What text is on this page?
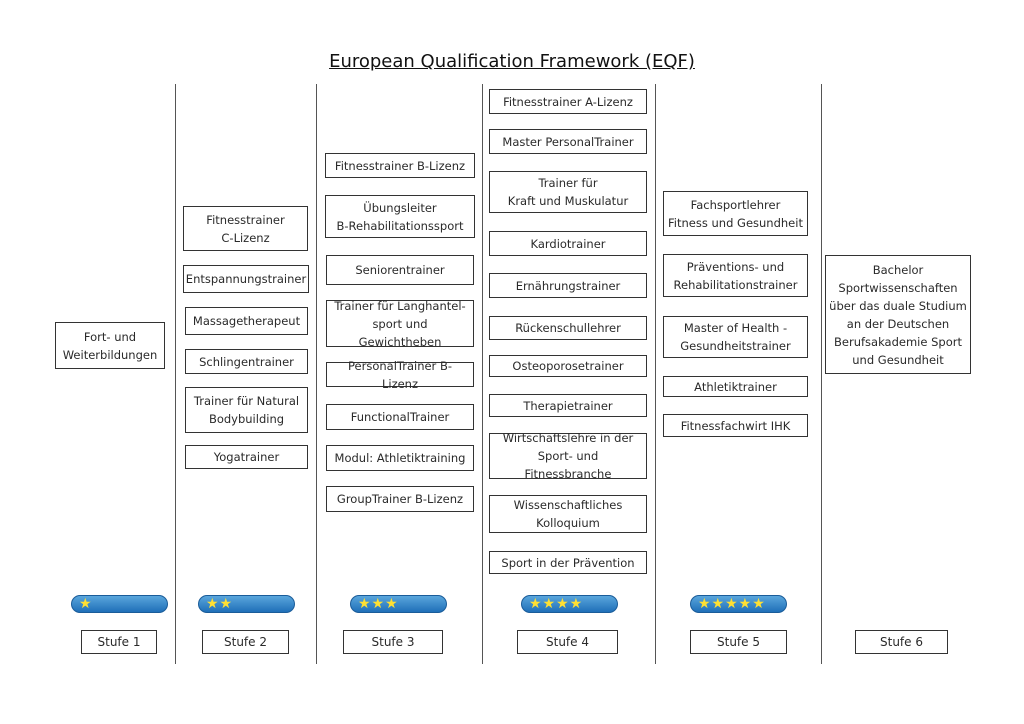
European Qualification Framework (EQF)
Fort- und
Weiterbildungen
Fitnesstrainer
C-Lizenz
Entspannungstrainer
Massagetherapeut
Schlingentrainer
Trainer für Natural
Bodybuilding
Yogatrainer
Fitnesstrainer B-Lizenz
Übungsleiter
B-Rehabilitationssport
Seniorentrainer
Trainer für Langhantel-
sport und Gewichtheben
PersonalTrainer B-Lizenz
FunctionalTrainer
Modul: Athletiktraining
GroupTrainer B-Lizenz
Fitnesstrainer A-Lizenz
Master PersonalTrainer
Trainer für
Kraft und Muskulatur
Kardiotrainer
Ernährungstrainer
Rückenschullehrer
Osteoporosetrainer
Therapietrainer
Wirtschaftslehre in der
Sport- und Fitnessbranche
Wissenschaftliches
Kolloquium
Sport in der Prävention
Fachsportlehrer
Fitness und Gesundheit
Präventions- und
Rehabilitationstrainer
Master of Health -
Gesundheitstrainer
Athletiktrainer
Fitnessfachwirt IHK
Bachelor
Sportwissenschaften
über das duale Studium
an der Deutschen
Berufsakademie Sport
und Gesundheit
★	★★	★★★	★★★★	★★★★★
Stufe 1	Stufe 2	Stufe 3	Stufe 4	Stufe 5	Stufe 6
